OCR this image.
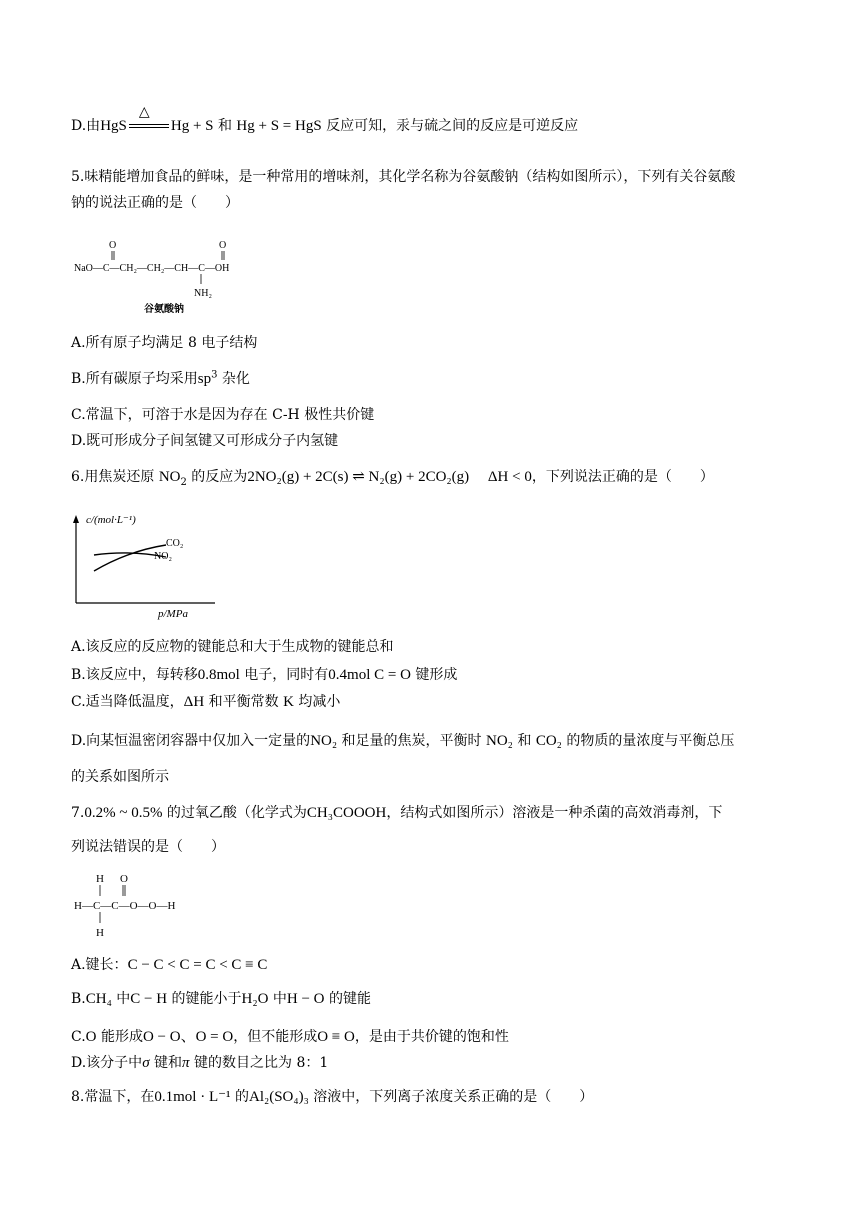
D.由HgS
△
Hg + S 和 Hg + S = HgS 反应可知，汞与硫之间的反应是可逆反应
5.味精能增加食品的鲜味，是一种常用的增味剂，其化学名称为谷氨酸钠（结构如图所示），下列有关谷氨酸
钠的说法正确的是（　　）
O	O
NaO—C—CH₂—CH₂—CH—C—OH
NH₂
谷氨酸钠
A.所有原子均满足 8 电子结构
B.所有碳原子均采用$sp^3$ 杂化
C.常温下，可溶于水是因为存在 C-H 极性共价键
D.既可形成分子间氢键又可形成分子内氢键
6.用焦炭还原 $NO_2$ 的反应为2NO₂(g) + 2C(s) ⇌ N₂(g) + 2CO₂(g)　 ΔH < 0，下列说法正确的是（　　）
c/(mol·L⁻¹)
CO₂
NO₂
p/MPa
A.该反应的反应物的键能总和大于生成物的键能总和
B.该反应中，每转移0.8mol 电子，同时有0.4mol C = O 键形成
C.适当降低温度，ΔH 和平衡常数 K 均减小
D.向某恒温密闭容器中仅加入一定量的NO₂ 和足量的焦炭，平衡时 NO₂ 和 CO₂ 的物质的量浓度与平衡总压
的关系如图所示
7.0.2% ~ 0.5% 的过氧乙酸（化学式为CH₃COOOH，结构式如图所示）溶液是一种杀菌的高效消毒剂，下
列说法错误的是（　　）
H O
H—C—C—O—O—H
H
A.键长：C − C < C = C < C ≡ C
B.CH₄ 中C − H 的键能小于H₂O 中H − O 的键能
C.O 能形成O − O、O = O，但不能形成O ≡ O，是由于共价键的饱和性
D.该分子中σ 键和π 键的数目之比为 8：1
8.常温下，在0.1mol · L⁻¹ 的Al₂(SO₄)₃ 溶液中，下列离子浓度关系正确的是（　　）
